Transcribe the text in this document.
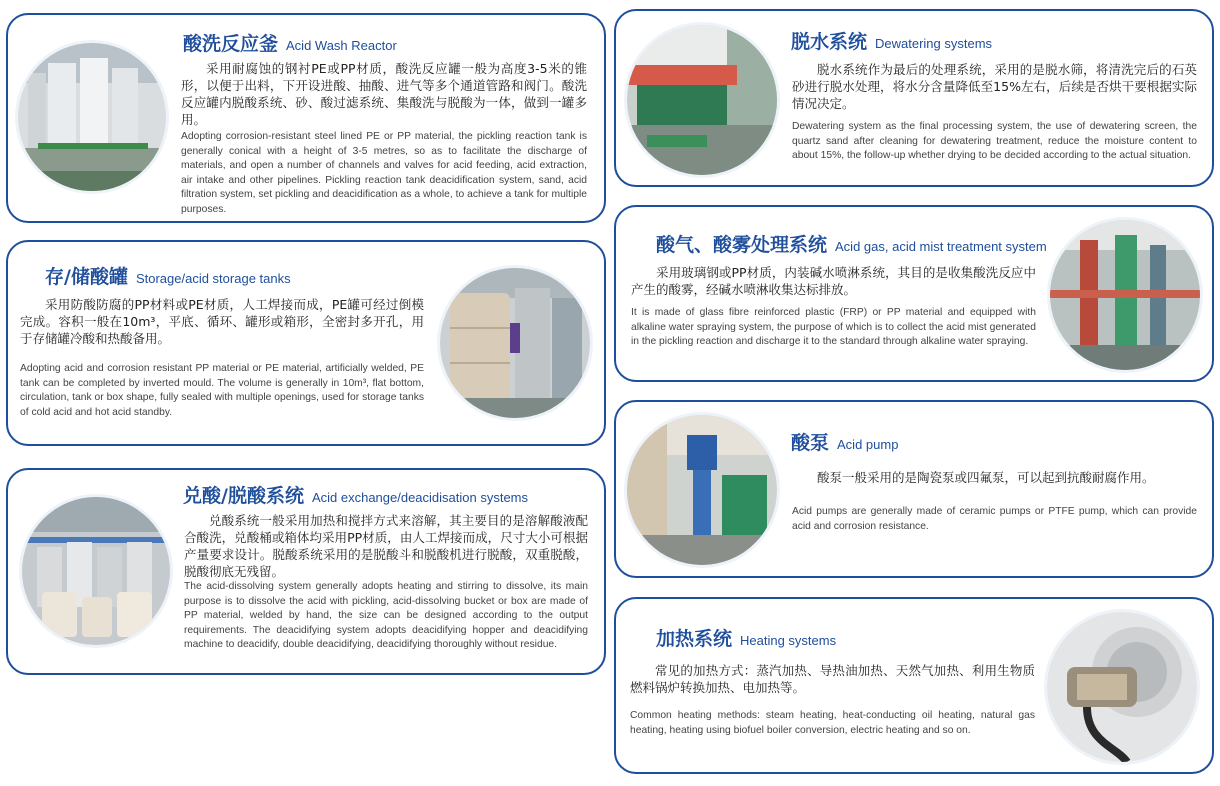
酸洗反应釜 Acid Wash Reactor
采用耐腐蚀的钢衬PE或PP材质，酸洗反应罐一般为高度3-5米的锥形，以便于出料，下开设进酸、抽酸、进气等多个通道管路和阀门。酸洗反应罐内脱酸系统、砂、酸过滤系统、集酸洗与脱酸为一体，做到一罐多用。
Adopting corrosion-resistant steel lined PE or PP material, the pickling reaction tank is generally conical with a height of 3-5 metres, so as to facilitate the discharge of materials, and open a number of channels and valves for acid feeding, acid extraction, air intake and other pipelines. Pickling reaction tank deacidification system, sand, acid filtration system, set pickling and deacidification as a whole, to achieve a tank for multiple purposes.
存/储酸罐 Storage/acid storage tanks
采用防酸防腐的PP材料或PE材质，人工焊接而成，PE罐可经过倒模完成。容积一般在10m³，平底、循环、罐形或箱形，全密封多开孔，用于存储罐冷酸和热酸备用。
Adopting acid and corrosion resistant PP material or PE material, artificially welded, PE tank can be completed by inverted mould. The volume is generally in 10m³, flat bottom, circulation, tank or box shape, fully sealed with multiple openings, used for storage tanks of cold acid and hot acid standby.
兑酸/脱酸系统 Acid exchange/deacidisation systems
兑酸系统一般采用加热和搅拌方式来溶解，其主要目的是溶解酸液配合酸洗，兑酸桶或箱体均采用PP材质，由人工焊接而成，尺寸大小可根据产量要求设计。脱酸系统采用的是脱酸斗和脱酸机进行脱酸，双重脱酸，脱酸彻底无残留。
The acid-dissolving system generally adopts heating and stirring to dissolve, its main purpose is to dissolve the acid with pickling, acid-dissolving bucket or box are made of PP material, welded by hand, the size can be designed according to the output requirements. The deacidifying system adopts deacidifying hopper and deacidifying machine to deacidify, double deacidifying, deacidifying thoroughly without residue.
脱水系统 Dewatering systems
脱水系统作为最后的处理系统，采用的是脱水筛，将清洗完后的石英砂进行脱水处理，将水分含量降低至15%左右，后续是否烘干要根据实际情况决定。
Dewatering system as the final processing system, the use of dewatering screen, the quartz sand after cleaning for dewatering treatment, reduce the moisture content to about 15%, the follow-up whether drying to be decided according to the actual situation.
酸气、酸雾处理系统 Acid gas, acid mist treatment system
采用玻璃钢或PP材质，内装碱水喷淋系统，其目的是收集酸洗反应中产生的酸雾，经碱水喷淋收集达标排放。
It is made of glass fibre reinforced plastic (FRP) or PP material and equipped with alkaline water spraying system, the purpose of which is to collect the acid mist generated in the pickling reaction and discharge it to the standard through alkaline water spraying.
酸泵 Acid pump
酸泵一般采用的是陶瓷泵或四氟泵，可以起到抗酸耐腐作用。
Acid pumps are generally made of ceramic pumps or PTFE pump, which can provide acid and corrosion resistance.
加热系统 Heating systems
常见的加热方式：蒸汽加热、导热油加热、天然气加热、利用生物质燃料锅炉转换加热、电加热等。
Common heating methods: steam heating, heat-conducting oil heating, natural gas heating, heating using biofuel boiler conversion, electric heating and so on.
